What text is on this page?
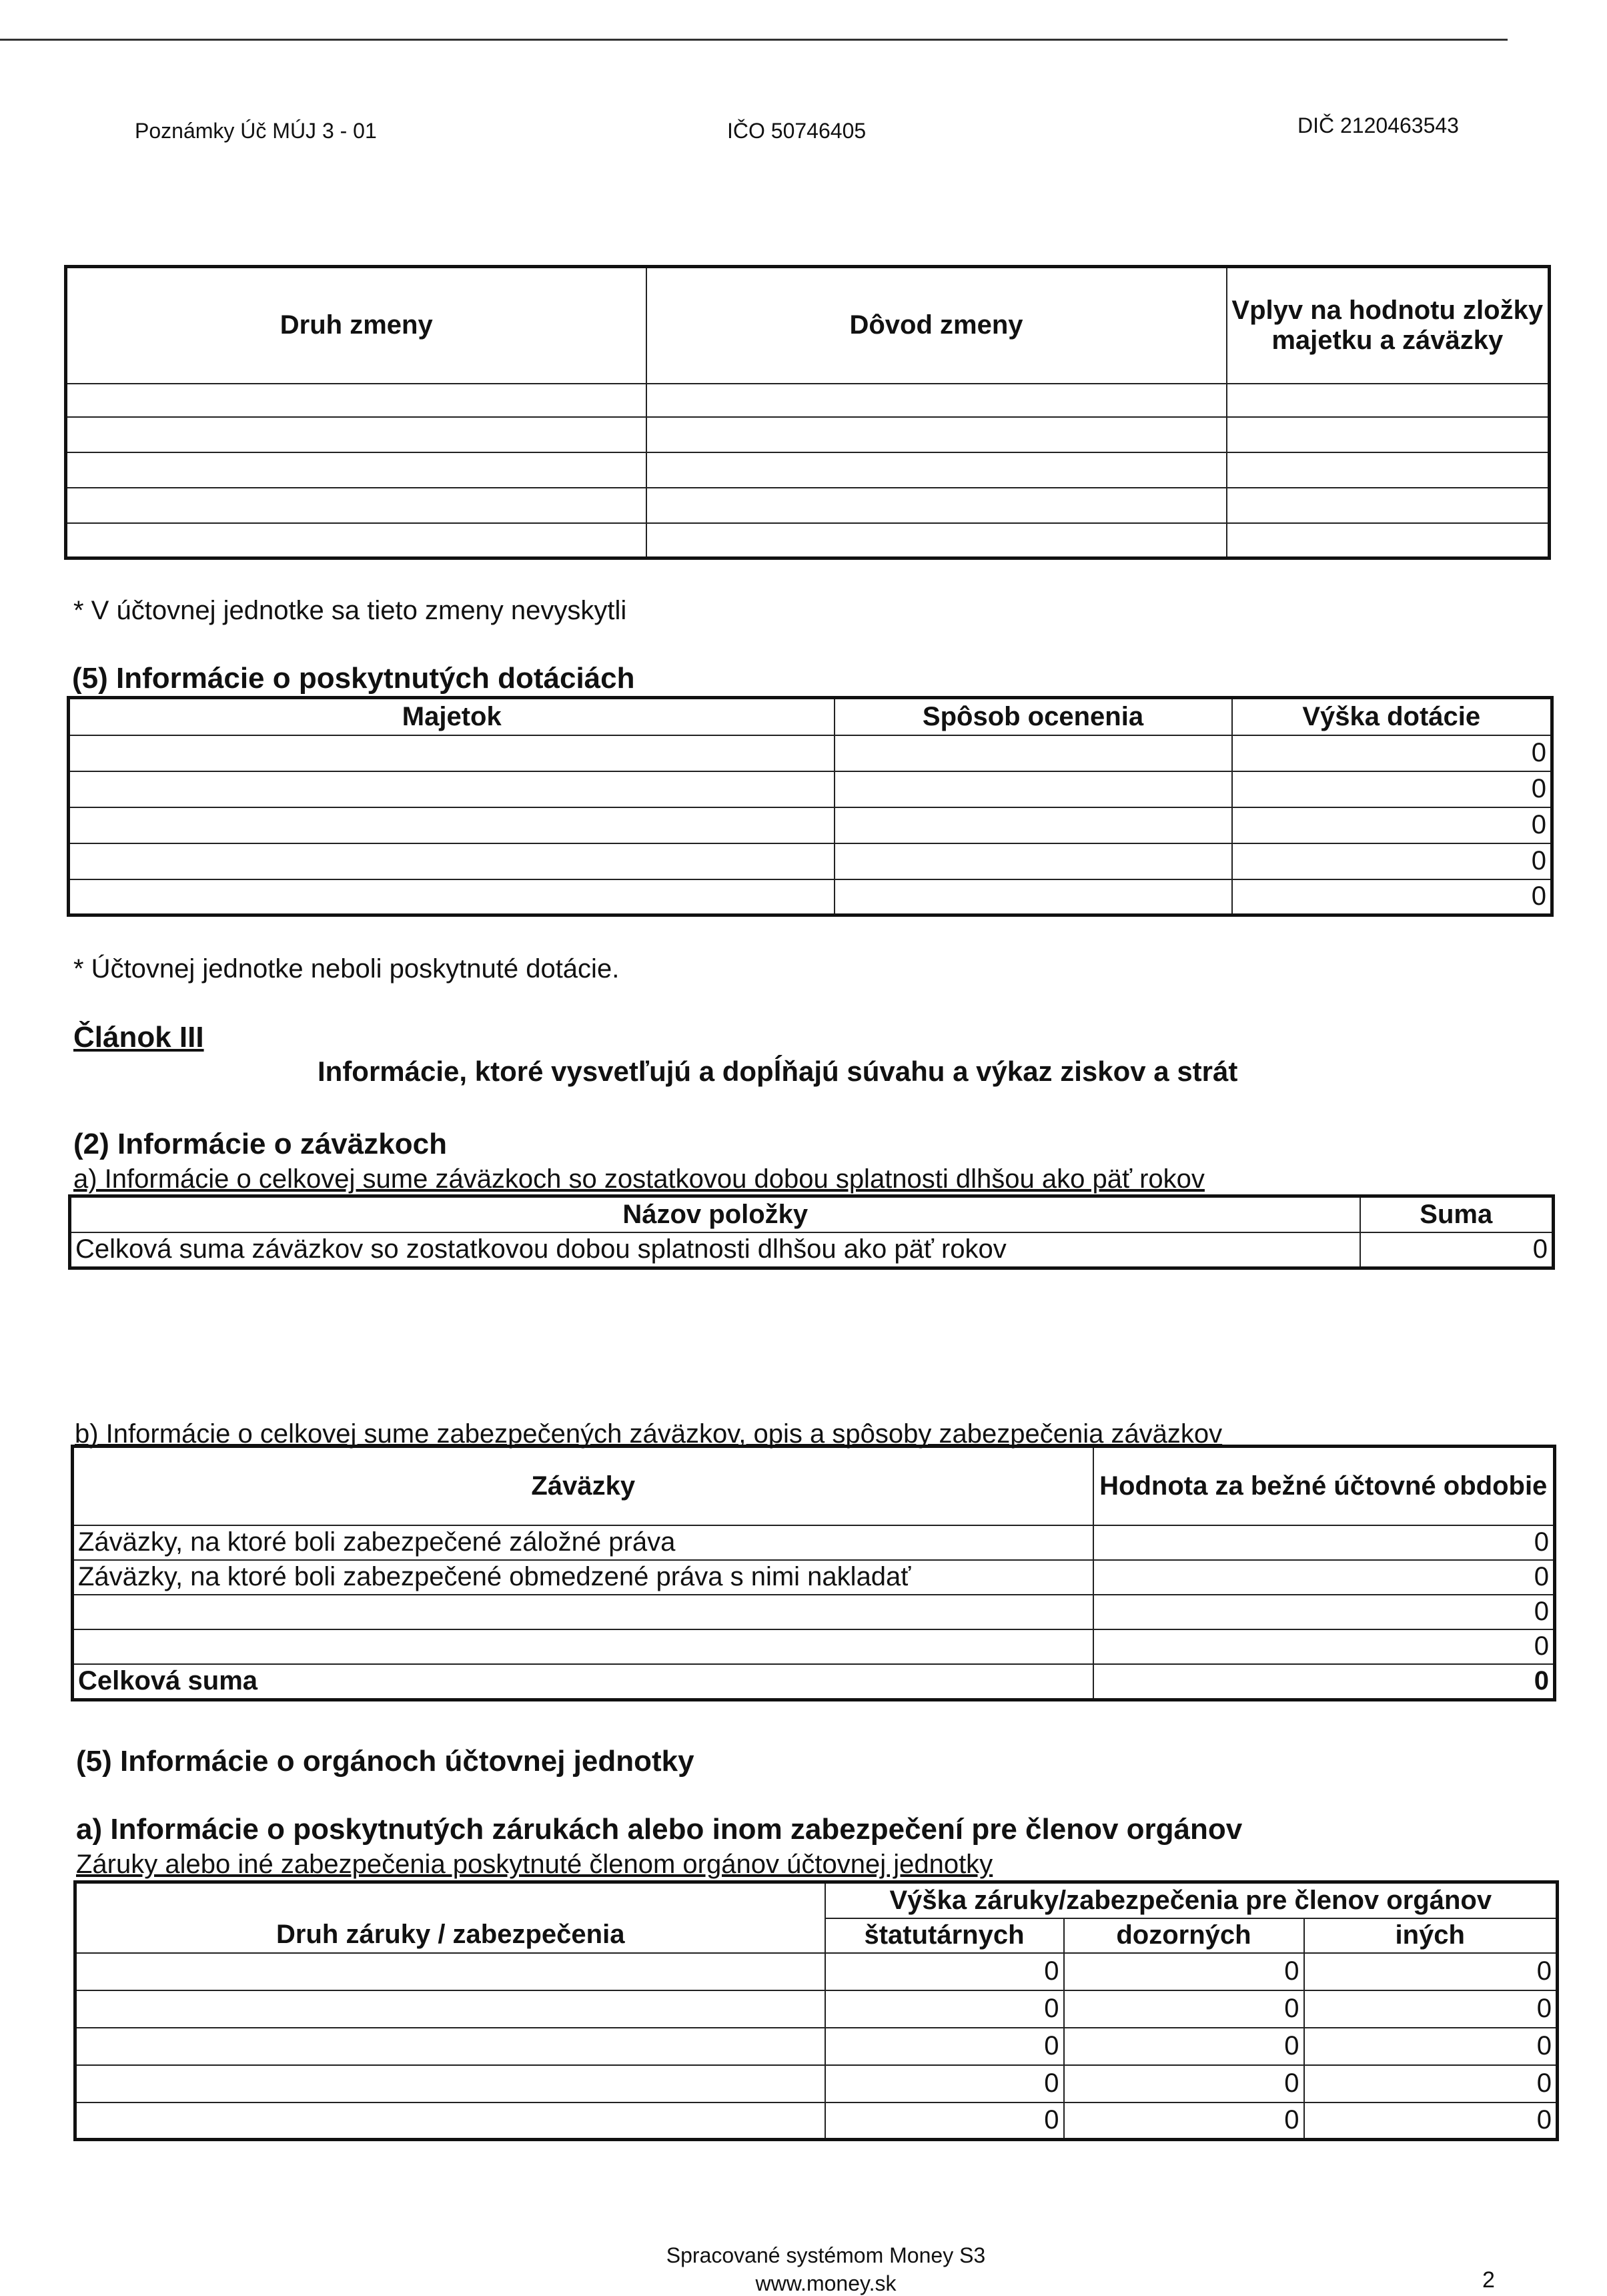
Poznámky Úč MÚJ 3 - 01	IČO 50746405	DIČ 2120463543
Druh zmeny	Dôvod zmeny	Vplyv na hodnotu zložky majetku a záväzky

* V účtovnej jednotke sa tieto zmeny nevyskytli
(5) Informácie o poskytnutých dotáciách
Majetok	Spôsob ocenenia	Výška dotácie
		0
		0
		0
		0
		0
* Účtovnej jednotke neboli poskytnuté dotácie.
Článok III
Informácie, ktoré vysvetľujú a dopĺňajú súvahu a výkaz ziskov a strát
(2) Informácie o záväzkoch
a) Informácie o celkovej sume záväzkoch so zostatkovou dobou splatnosti dlhšou ako päť rokov
Názov položky	Suma
Celková suma záväzkov so zostatkovou dobou splatnosti dlhšou ako päť rokov	0
b) Informácie o celkovej sume zabezpečených záväzkov, opis a spôsoby zabezpečenia záväzkov
Záväzky	Hodnota za bežné účtovné obdobie
Záväzky, na ktoré boli zabezpečené záložné práva	0
Záväzky, na ktoré boli zabezpečené obmedzené práva s nimi nakladať	0
	0
	0
Celková suma	0
(5) Informácie o orgánoch účtovnej jednotky
a) Informácie o poskytnutých zárukách alebo inom zabezpečení pre členov orgánov
Záruky alebo iné zabezpečenia poskytnuté členom orgánov účtovnej jednotky
Druh záruky / zabezpečenia	Výška záruky/zabezpečenia pre členov orgánov		
	štatutárnych	dozorných	iných
	0	0	0
	0	0	0
	0	0	0
	0	0	0
	0	0	0
Spracované systémom Money S3
www.money.sk	2
